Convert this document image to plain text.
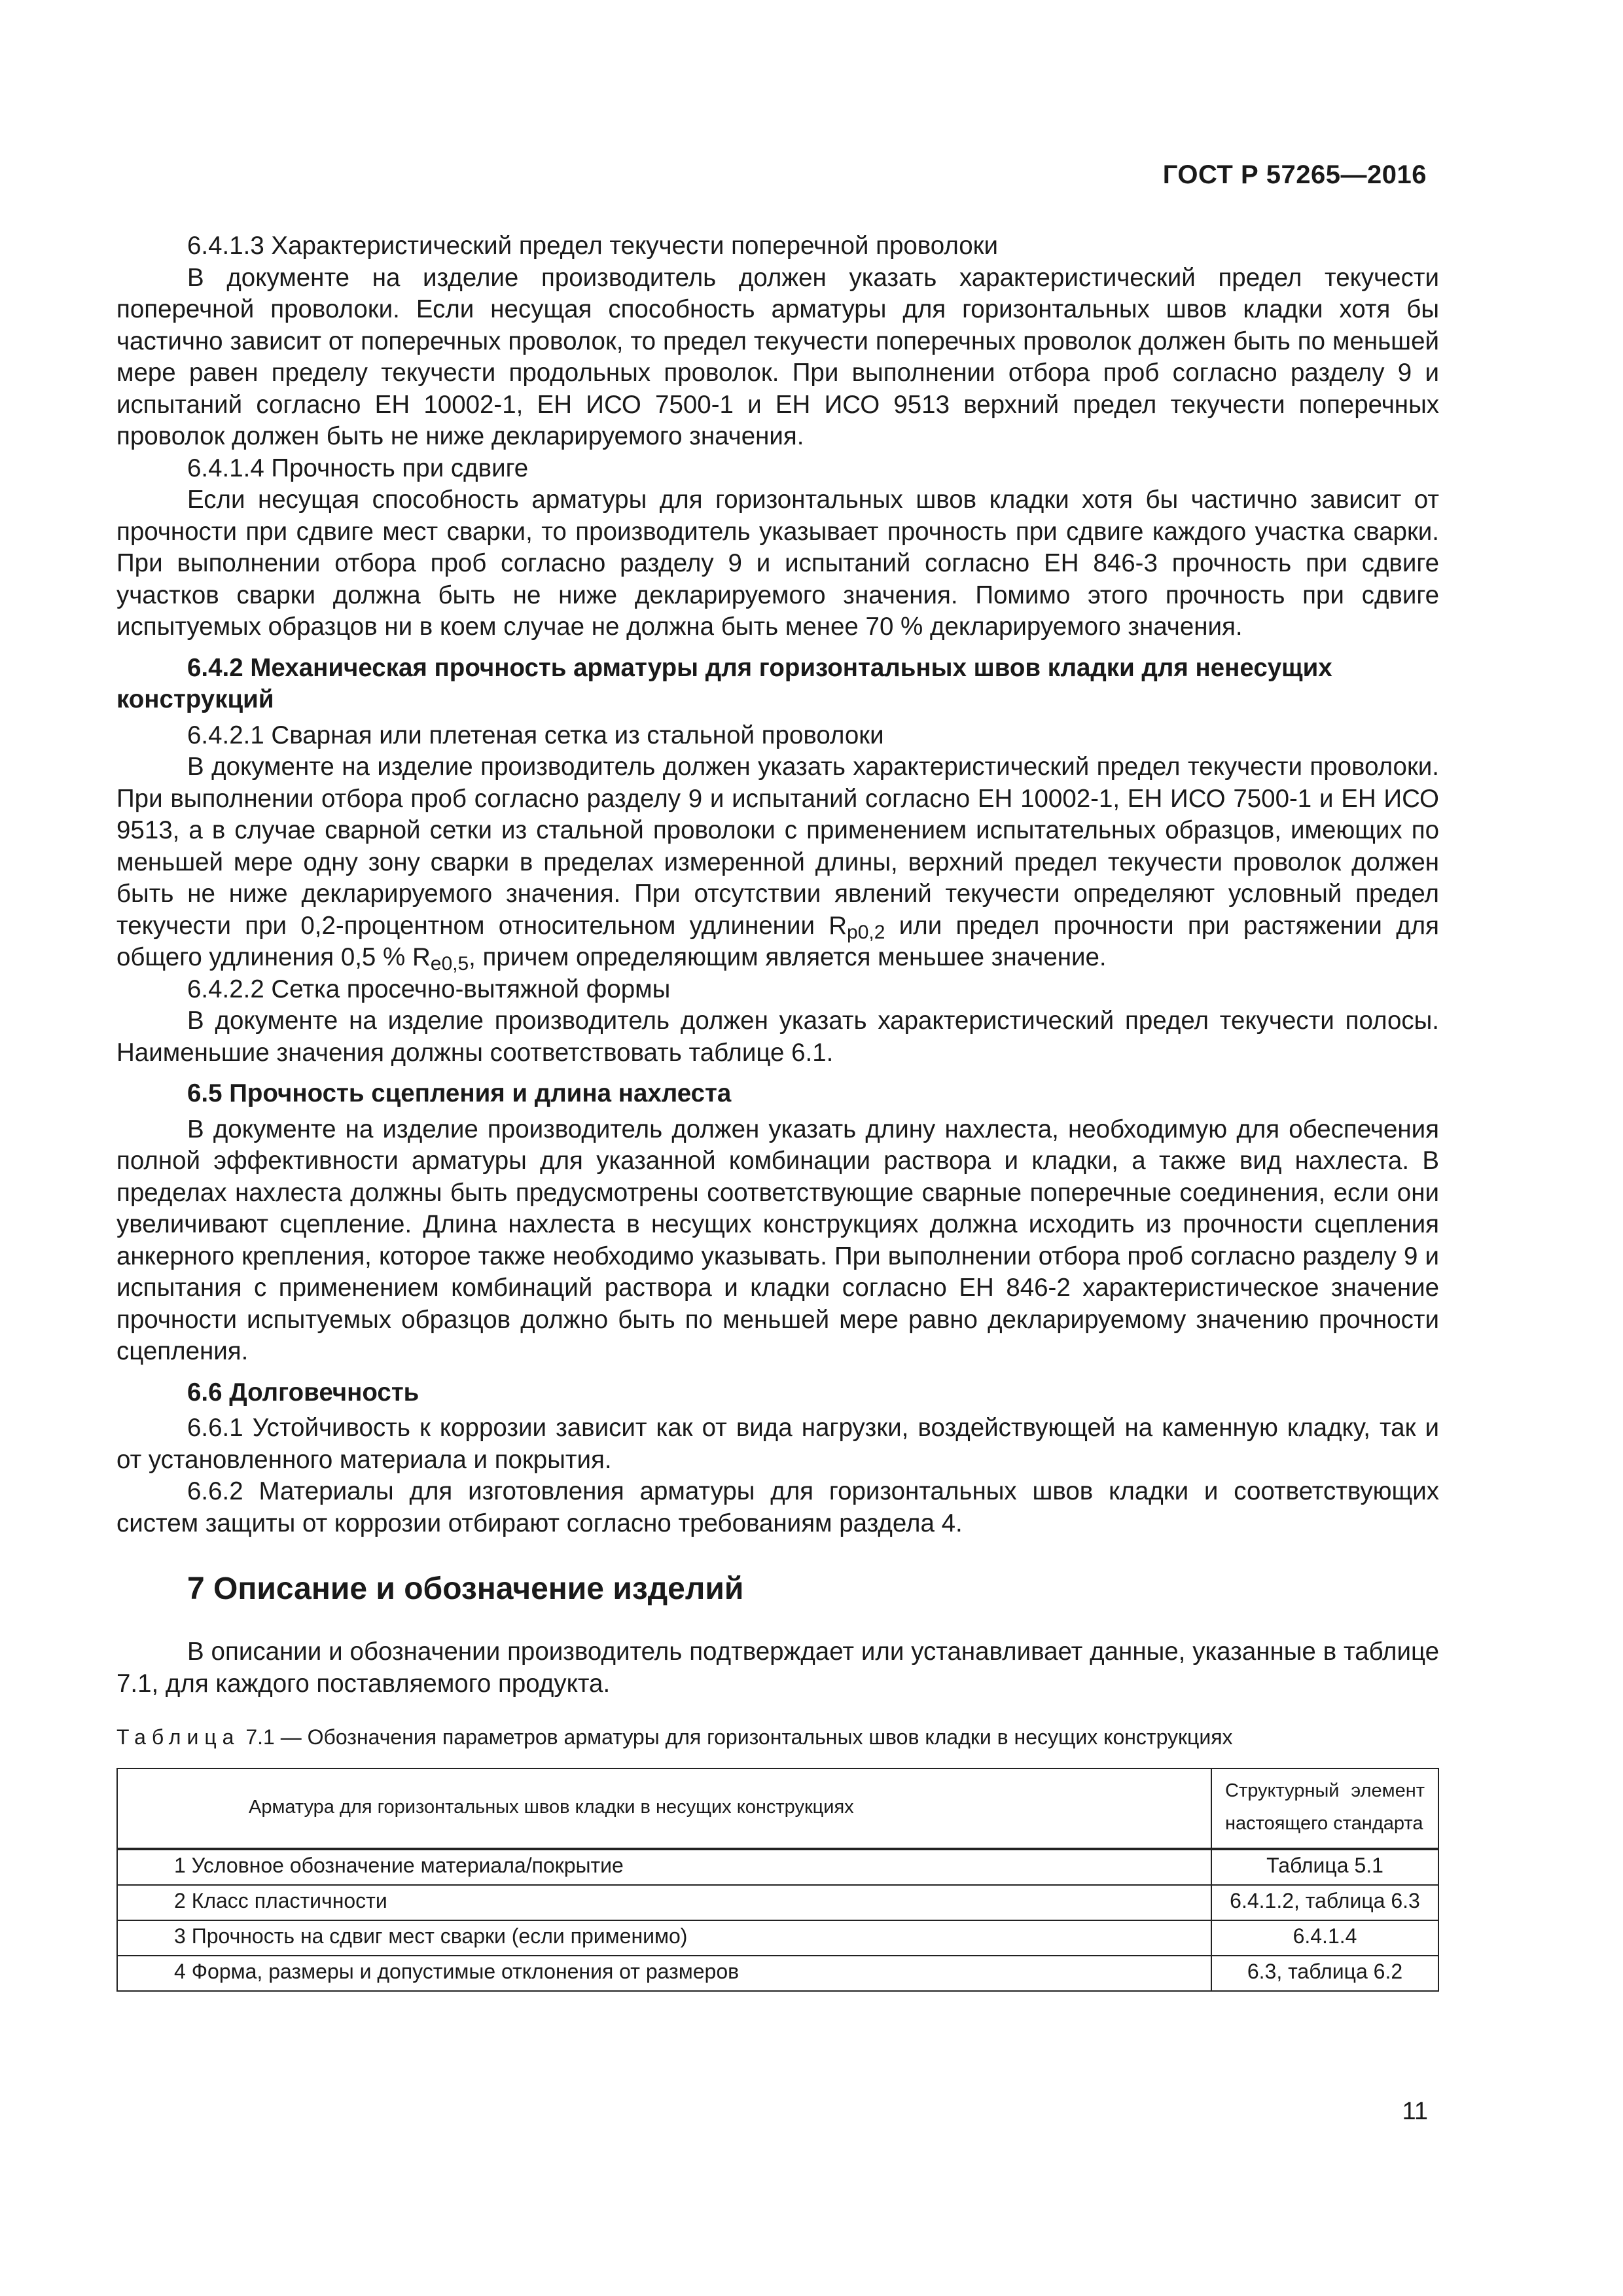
ГОСТ Р 57265—2016

6.4.1.3 Характеристический предел текучести поперечной проволоки

В документе на изделие производитель должен указать характеристический предел текучести поперечной проволоки. Если несущая способность арматуры для горизонтальных швов кладки хотя бы частично зависит от поперечных проволок, то предел текучести поперечных проволок должен быть по меньшей мере равен пределу текучести продольных проволок. При выполнении отбора проб согласно разделу 9 и испытаний согласно ЕН 10002-1, ЕН ИСО 7500-1 и ЕН ИСО 9513 верхний предел текучести поперечных проволок должен быть не ниже декларируемого значения.

6.4.1.4 Прочность при сдвиге

Если несущая способность арматуры для горизонтальных швов кладки хотя бы частично зависит от прочности при сдвиге мест сварки, то производитель указывает прочность при сдвиге каждого участка сварки. При выполнении отбора проб согласно разделу 9 и испытаний согласно ЕН 846-3 прочность при сдвиге участков сварки должна быть не ниже декларируемого значения. Помимо этого прочность при сдвиге испытуемых образцов ни в коем случае не должна быть менее 70 % декларируемого значения.

6.4.2 Механическая прочность арматуры для горизонтальных швов кладки для ненесущих конструкций

6.4.2.1 Сварная или плетеная сетка из стальной проволоки

В документе на изделие производитель должен указать характеристический предел текучести проволоки. При выполнении отбора проб согласно разделу 9 и испытаний согласно ЕН 10002-1, ЕН ИСО 7500-1 и ЕН ИСО 9513, а в случае сварной сетки из стальной проволоки с применением испытательных образцов, имеющих по меньшей мере одну зону сварки в пределах измеренной длины, верхний предел текучести проволок должен быть не ниже декларируемого значения. При отсутствии явлений текучести определяют условный предел текучести при 0,2-процентном относительном удлинении $R_{p0,2}$ или предел прочности при растяжении для общего удлинения 0,5 % $R_{e0,5}$, причем определяющим является меньшее значение.

6.4.2.2 Сетка просечно-вытяжной формы

В документе на изделие производитель должен указать характеристический предел текучести полосы. Наименьшие значения должны соответствовать таблице 6.1.

6.5 Прочность сцепления и длина нахлеста

В документе на изделие производитель должен указать длину нахлеста, необходимую для обеспечения полной эффективности арматуры для указанной комбинации раствора и кладки, а также вид нахлеста. В пределах нахлеста должны быть предусмотрены соответствующие сварные поперечные соединения, если они увеличивают сцепление. Длина нахлеста в несущих конструкциях должна исходить из прочности сцепления анкерного крепления, которое также необходимо указывать. При выполнении отбора проб согласно разделу 9 и испытания с применением комбинаций раствора и кладки согласно ЕН 846-2 характеристическое значение прочности испытуемых образцов должно быть по меньшей мере равно декларируемому значению прочности сцепления.

6.6 Долговечность

6.6.1 Устойчивость к коррозии зависит как от вида нагрузки, воздействующей на каменную кладку, так и от установленного материала и покрытия.

6.6.2 Материалы для изготовления арматуры для горизонтальных швов кладки и соответствующих систем защиты от коррозии отбирают согласно требованиям раздела 4.

7 Описание и обозначение изделий

В описании и обозначении производитель подтверждает или устанавливает данные, указанные в таблице 7.1, для каждого поставляемого продукта.

Таблица 7.1 — Обозначения параметров арматуры для горизонтальных швов кладки в несущих конструкциях
Арматура для горизонтальных швов кладки в несущих конструкциях	Структурный элемент настоящего стандарта
1 Условное обозначение материала/покрытие	Таблица 5.1
2 Класс пластичности	6.4.1.2, таблица 6.3
3 Прочность на сдвиг мест сварки (если применимо)	6.4.1.4
4 Форма, размеры и допустимые отклонения от размеров	6.3, таблица 6.2
11
